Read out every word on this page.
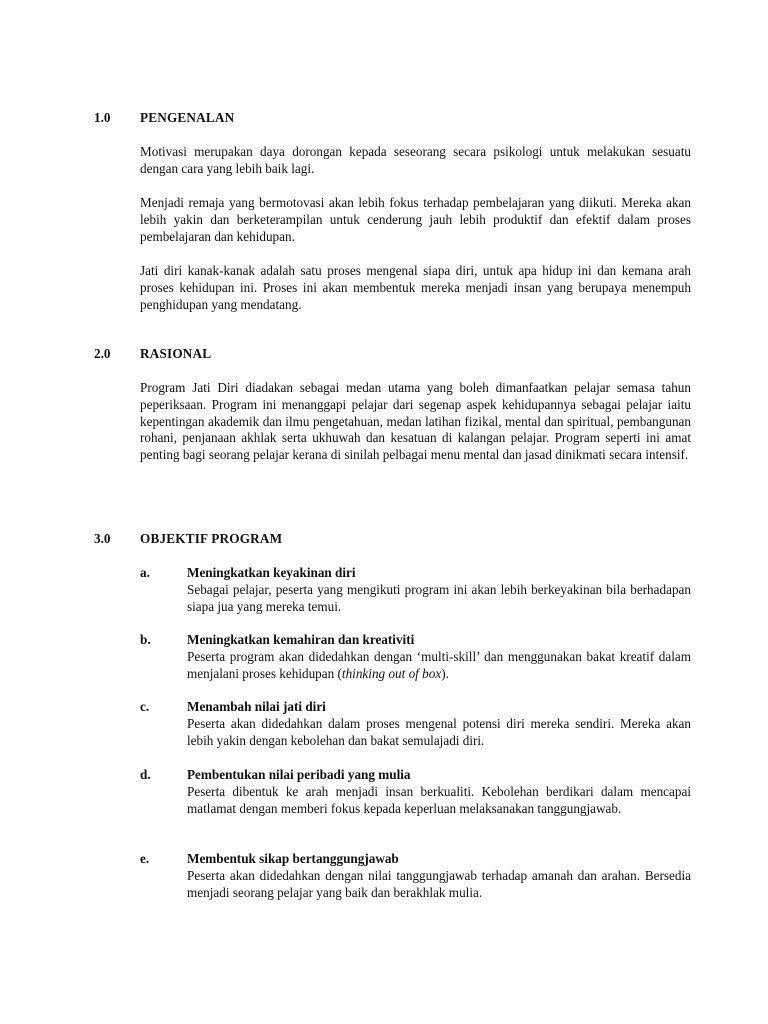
1.0 PENGENALAN

Motivasi merupakan daya dorongan kepada seseorang secara psikologi untuk melakukan sesuatu dengan cara yang lebih baik lagi.

Menjadi remaja yang bermotovasi akan lebih fokus terhadap pembelajaran yang diikuti. Mereka akan lebih yakin dan berketerampilan untuk cenderung jauh lebih produktif dan efektif dalam proses pembelajaran dan kehidupan.

Jati diri kanak-kanak adalah satu proses mengenal siapa diri, untuk apa hidup ini dan kemana arah proses kehidupan ini. Proses ini akan membentuk mereka menjadi insan yang berupaya menempuh penghidupan yang mendatang.

2.0 RASIONAL

Program Jati Diri diadakan sebagai medan utama yang boleh dimanfaatkan pelajar semasa tahun peperiksaan. Program ini menanggapi pelajar dari segenap aspek kehidupannya sebagai pelajar iaitu kepentingan akademik dan ilmu pengetahuan, medan latihan fizikal, mental dan spiritual, pembangunan rohani, penjanaan akhlak serta ukhuwah dan kesatuan di kalangan pelajar. Program seperti ini amat penting bagi seorang pelajar kerana di sinilah pelbagai menu mental dan jasad dinikmati secara intensif.

3.0 OBJEKTIF PROGRAM
a.	Meningkatkan keyakinan diri

Sebagai pelajar, peserta yang mengikuti program ini akan lebih berkeyakinan bila berhadapan siapa jua yang mereka temui.

b.	Meningkatkan kemahiran dan kreativiti

Peserta program akan didedahkan dengan ‘multi-skill’ dan menggunakan bakat kreatif dalam menjalani proses kehidupan (thinking out of box).

c.	Menambah nilai jati diri

Peserta akan didedahkan dalam proses mengenal potensi diri mereka sendiri. Mereka akan lebih yakin dengan kebolehan dan bakat semulajadi diri.

d.	Pembentukan nilai peribadi yang mulia

Peserta dibentuk ke arah menjadi insan berkualiti. Kebolehan berdikari dalam mencapai matlamat dengan memberi fokus kepada keperluan melaksanakan tanggungjawab.

e.	Membentuk sikap bertanggungjawab

Peserta akan didedahkan dengan nilai tanggungjawab terhadap amanah dan arahan. Bersedia menjadi seorang pelajar yang baik dan berakhlak mulia.
